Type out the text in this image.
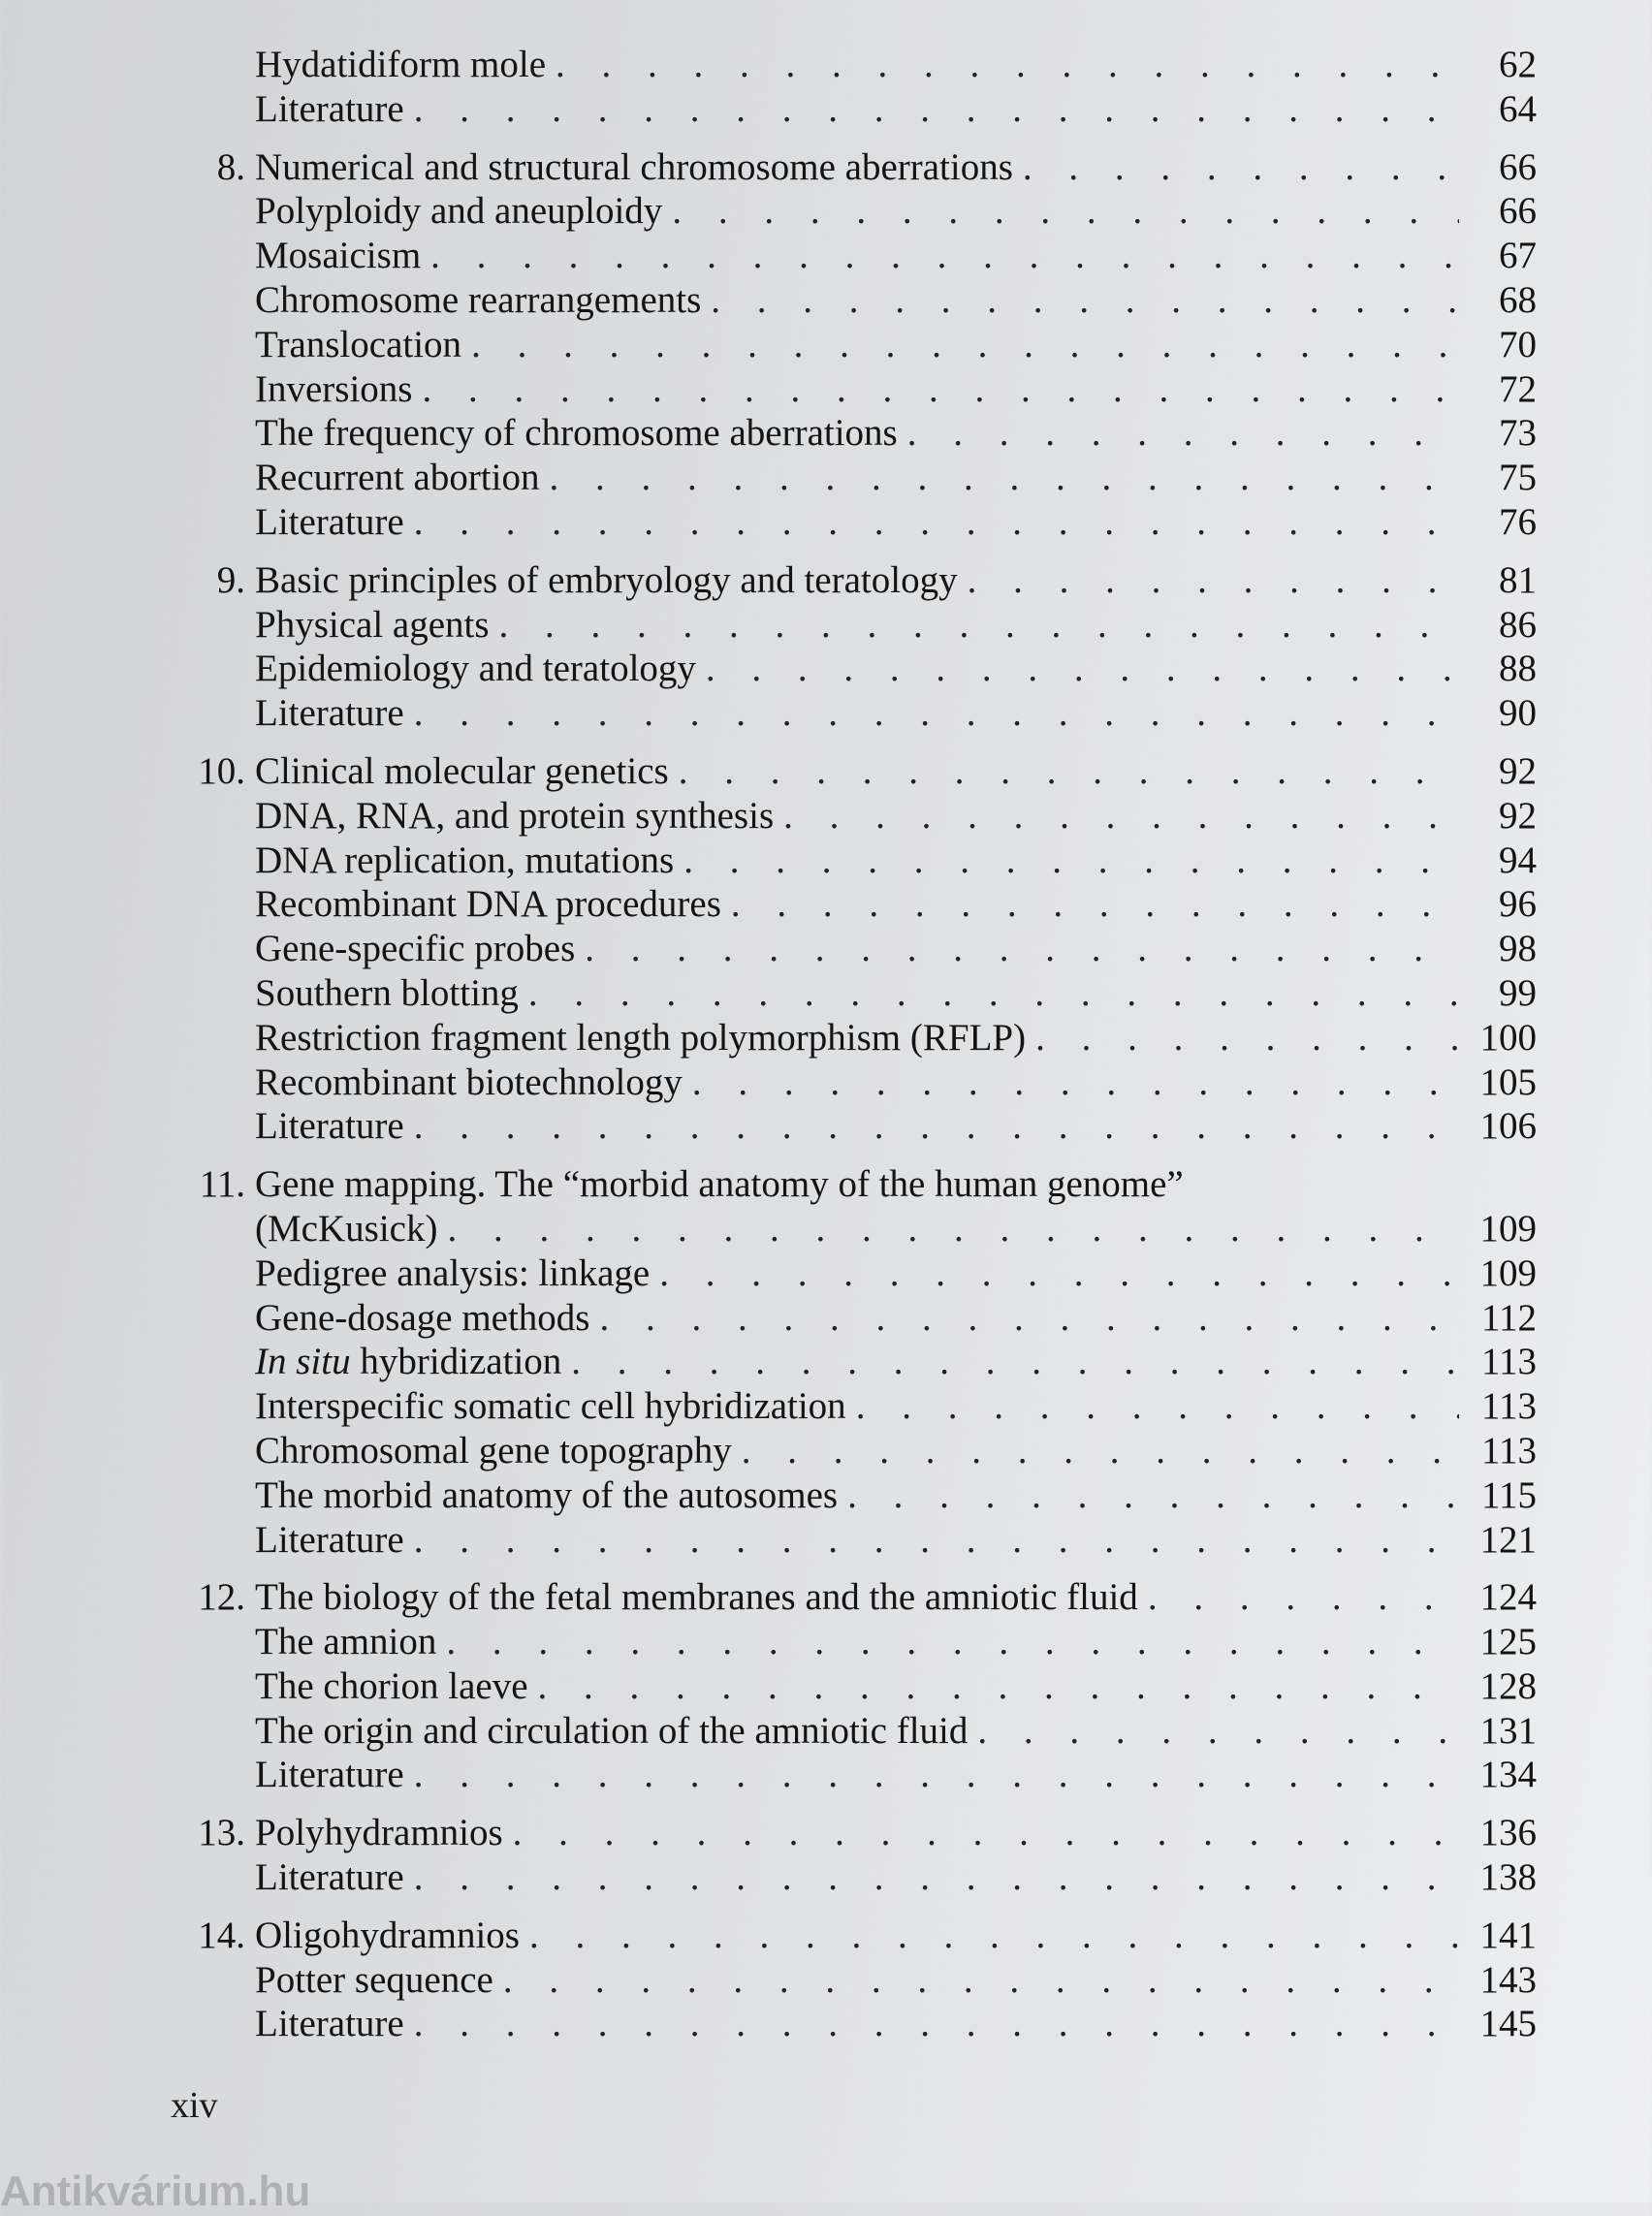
Hydatidiform mole . . .	62
Literature . . .	64
8. Numerical and structural chromosome aberrations . . .	66
Polyploidy and aneuploidy . . .	66
Mosaicism . . .	67
Chromosome rearrangements . . .	68
Translocation . . .	70
Inversions . . .	72
The frequency of chromosome aberrations . . .	73
Recurrent abortion . . .	75
Literature . . .	76
9. Basic principles of embryology and teratology . . .	81
Physical agents . . .	86
Epidemiology and teratology . . .	88
Literature . . .	90
10. Clinical molecular genetics . . .	92
DNA, RNA, and protein synthesis . . .	92
DNA replication, mutations . . .	94
Recombinant DNA procedures . . .	96
Gene-specific probes . . .	98
Southern blotting . . .	99
Restriction fragment length polymorphism (RFLP) . . .	100
Recombinant biotechnology . . .	105
Literature . . .	106
11. Gene mapping. The “morbid anatomy of the human genome”
(McKusick) . . .	109
Pedigree analysis: linkage . . .	109
Gene-dosage methods . . .	112
In situ hybridization . . .	113
Interspecific somatic cell hybridization . . .	113
Chromosomal gene topography . . .	113
The morbid anatomy of the autosomes . . .	115
Literature . . .	121
12. The biology of the fetal membranes and the amniotic fluid . . .	124
The amnion . . .	125
The chorion laeve . . .	128
The origin and circulation of the amniotic fluid . . .	131
Literature . . .	134
13. Polyhydramnios . . .	136
Literature . . .	138
14. Oligohydramnios . . .	141
Potter sequence . . .	143
Literature . . .	145
xiv
Antikvárium.hu
